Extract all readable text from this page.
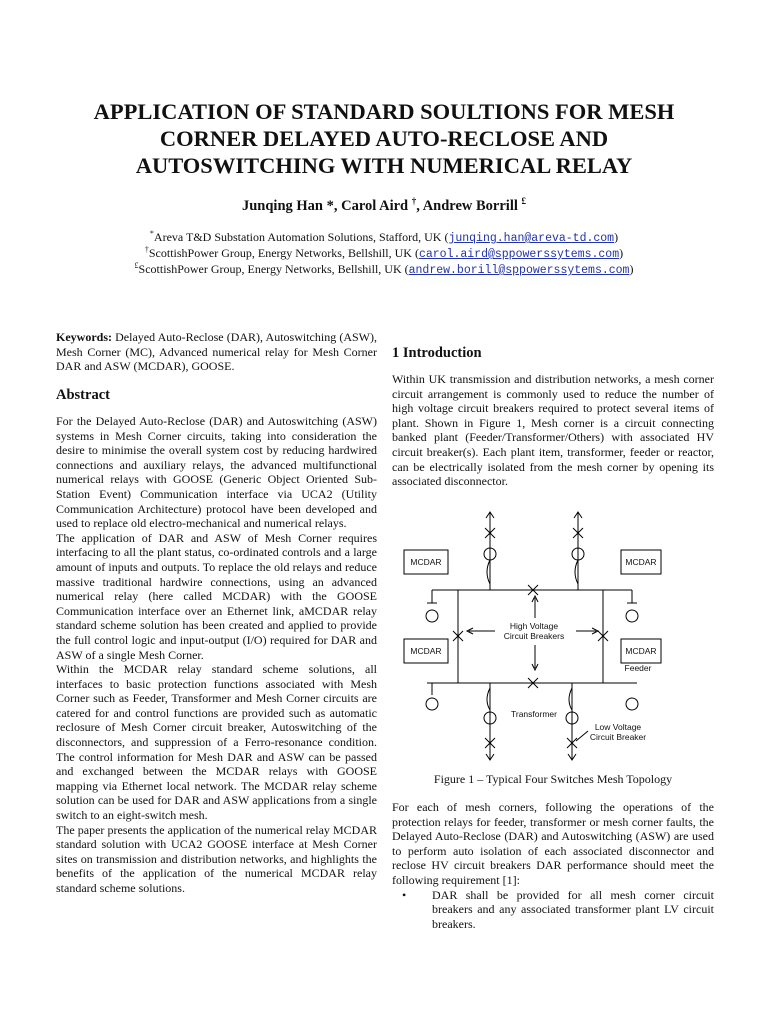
APPLICATION OF STANDARD SOULTIONS FOR MESH
CORNER DELAYED AUTO-RECLOSE AND
AUTOSWITCHING WITH NUMERICAL RELAY
Junqing Han *, Carol Aird †, Andrew Borrill £
*Areva T&D Substation Automation Solutions, Stafford, UK (junqing.han@areva-td.com)
†ScottishPower Group, Energy Networks, Bellshill, UK (carol.aird@sppowerssytems.com)
£ScottishPower Group, Energy Networks, Bellshill, UK (andrew.borill@sppowerssytems.com)
Keywords: Delayed Auto-Reclose (DAR), Autoswitching (ASW), Mesh Corner (MC), Advanced numerical relay for Mesh Corner DAR and ASW (MCDAR), GOOSE.
Abstract
For the Delayed Auto-Reclose (DAR) and Autoswitching (ASW) systems in Mesh Corner circuits, taking into consideration the desire to minimise the overall system cost by reducing hardwired connections and auxiliary relays, the advanced multifunctional numerical relays with GOOSE (Generic Object Oriented Sub-Station Event) Communication interface via UCA2 (Utility Communication Architecture) protocol have been developed and used to replace old electro-mechanical and numerical relays.
The application of DAR and ASW of Mesh Corner requires interfacing to all the plant status, co-ordinated controls and a large amount of inputs and outputs. To replace the old relays and reduce massive traditional hardwire connections, using an advanced numerical relay (here called MCDAR) with the GOOSE Communication interface over an Ethernet link, aMCDAR relay standard scheme solution has been created and applied to provide the full control logic and input-output (I/O) required for DAR and ASW of a single Mesh Corner.
Within the MCDAR relay standard scheme solutions, all interfaces to basic protection functions associated with Mesh Corner such as Feeder, Transformer and Mesh Corner circuits are catered for and control functions are provided such as automatic reclosure of Mesh Corner circuit breaker, Autoswitching of the disconnectors, and suppression of a Ferro-resonance condition. The control information for Mesh DAR and ASW can be passed and exchanged between the MCDAR relays with GOOSE mapping via Ethernet local network. The MCDAR relay scheme solution can be used for DAR and ASW applications from a single switch to an eight-switch mesh.
The paper presents the application of the numerical relay MCDAR standard solution with UCA2 GOOSE interface at Mesh Corner sites on transmission and distribution networks, and highlights the benefits of the application of the numerical MCDAR relay standard scheme solutions.
1 Introduction
Within UK transmission and distribution networks, a mesh corner circuit arrangement is commonly used to reduce the number of high voltage circuit breakers required to protect several items of plant. Shown in Figure 1, Mesh corner is a circuit connecting banked plant (Feeder/Transformer/Others) with associated HV circuit breaker(s). Each plant item, transformer, feeder or reactor, can be electrically isolated from the mesh corner by opening its associated disconnector.
MCDAR	MCDAR
MCDAR	MCDAR
High Voltage
Circuit Breakers
Feeder
Transformer
Low Voltage
Circuit Breaker
Figure 1 – Typical Four Switches Mesh Topology
For each of mesh corners, following the operations of the protection relays for feeder, transformer or mesh corner faults, the Delayed Auto-Reclose (DAR) and Autoswitching (ASW) are used to perform auto isolation of each associated disconnector and reclose HV circuit breakers DAR performance should meet the following requirement [1]:
•	DAR shall be provided for all mesh corner circuit breakers and any associated transformer plant LV circuit breakers.
